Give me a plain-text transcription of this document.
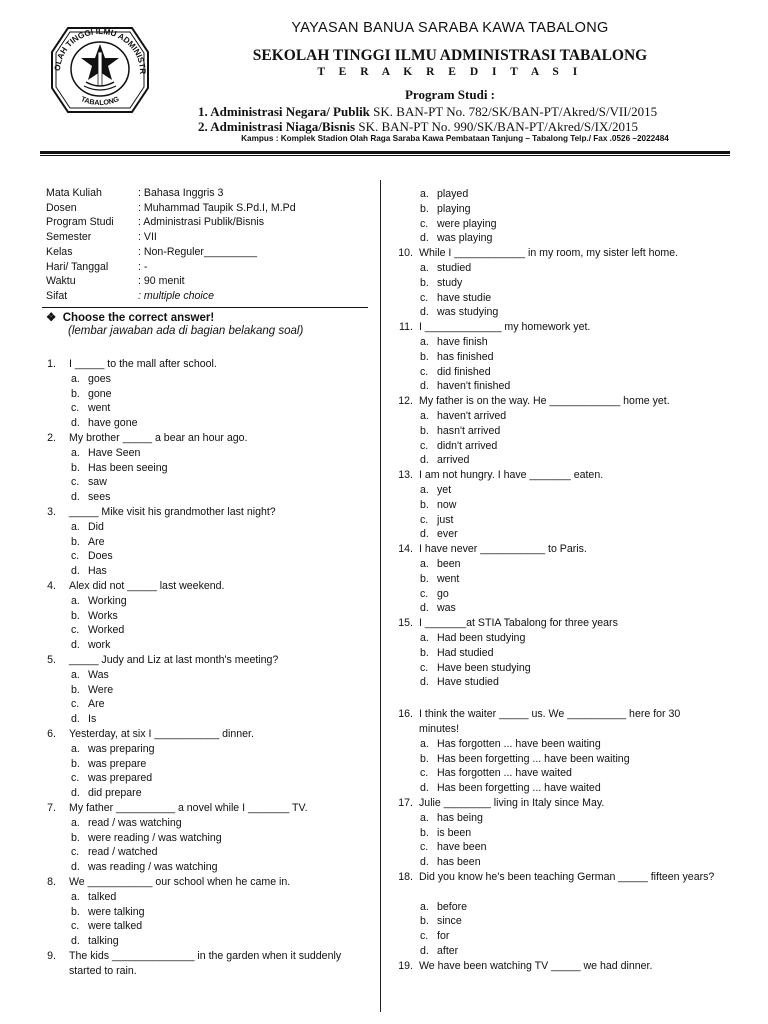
OLAH TINGGI ILMU ADMINISTR
TABALONG
YAYASAN BANUA SARABA KAWA TABALONG
SEKOLAH TINGGI ILMU ADMINISTRASI TABALONG
T E R A K R E D I T A S I
Program Studi :
1. Administrasi Negara/ Publik SK. BAN-PT No. 782/SK/BAN-PT/Akred/S/VII/2015
2. Administrasi Niaga/Bisnis SK. BAN-PT No. 990/SK/BAN-PT/Akred/S/IX/2015
Kampus : Komplek Stadion Olah Raga Saraba Kawa Pembataan Tanjung – Tabalong Telp./ Fax .0526 –2022484
Mata Kuliah	: Bahasa Inggris 3
Dosen	: Muhammad Taupik S.Pd.I, M.Pd
Program Studi : Administrasi Publik/Bisnis
Semester	: VII
Kelas	: Non-Reguler_________
Hari/ Tanggal	: -
Waktu	: 90 menit
Sifat	: multiple choice
❖ Choose the correct answer!
(lembar jawaban ada di bagian belakang soal)
1. I _____ to the mall after school.
a. goes
b. gone
c. went
d. have gone
2. My brother _____ a bear an hour ago.
a. Have Seen
b. Has been seeing
c. saw
d. sees
3. _____ Mike visit his grandmother last night?
a. Did
b. Are
c. Does
d. Has
4. Alex did not _____ last weekend.
a. Working
b. Works
c. Worked
d. work
5. _____ Judy and Liz at last month's meeting?
a. Was
b. Were
c. Are
d. Is
6. Yesterday, at six I ___________ dinner.
a. was preparing
b. was prepare
c. was prepared
d. did prepare
7. My father __________ a novel while I _______ TV.
a. read / was watching
b. were reading / was watching
c. read / watched
d. was reading / was watching
8. We ___________ our school when he came in.
a. talked
b. were talking
c. were talked
d. talking
9. The kids ______________ in the garden when it suddenly started to rain.
a. played
b. playing
c. were playing
d. was playing
10. While I ____________ in my room, my sister left home.
a. studied
b. study
c. have studie
d. was studying
11. I _____________ my homework yet.
a. have finish
b. has finished
c. did finished
d. haven't finished
12. My father is on the way. He ____________ home yet.
a. haven't arrived
b. hasn't arrived
c. didn't arrived
d. arrived
13. I am not hungry. I have _______ eaten.
a. yet
b. now
c. just
d. ever
14. I have never ___________ to Paris.
a. been
b. went
c. go
d. was
15. I _______at STIA Tabalong for three years
a. Had been studying
b. Had studied
c. Have been studying
d. Have studied
16. I think the waiter _____ us. We __________ here for 30 minutes!
a. Has forgotten ... have been waiting
b. Has been forgetting ... have been waiting
c. Has forgotten ... have waited
d. Has been forgetting ... have waited
17. Julie ________ living in Italy since May.
a. has being
b. is been
c. have been
d. has been
18. Did you know he's been teaching German _____ fifteen years?
a. before
b. since
c. for
d. after
19. We have been watching TV _____ we had dinner.
